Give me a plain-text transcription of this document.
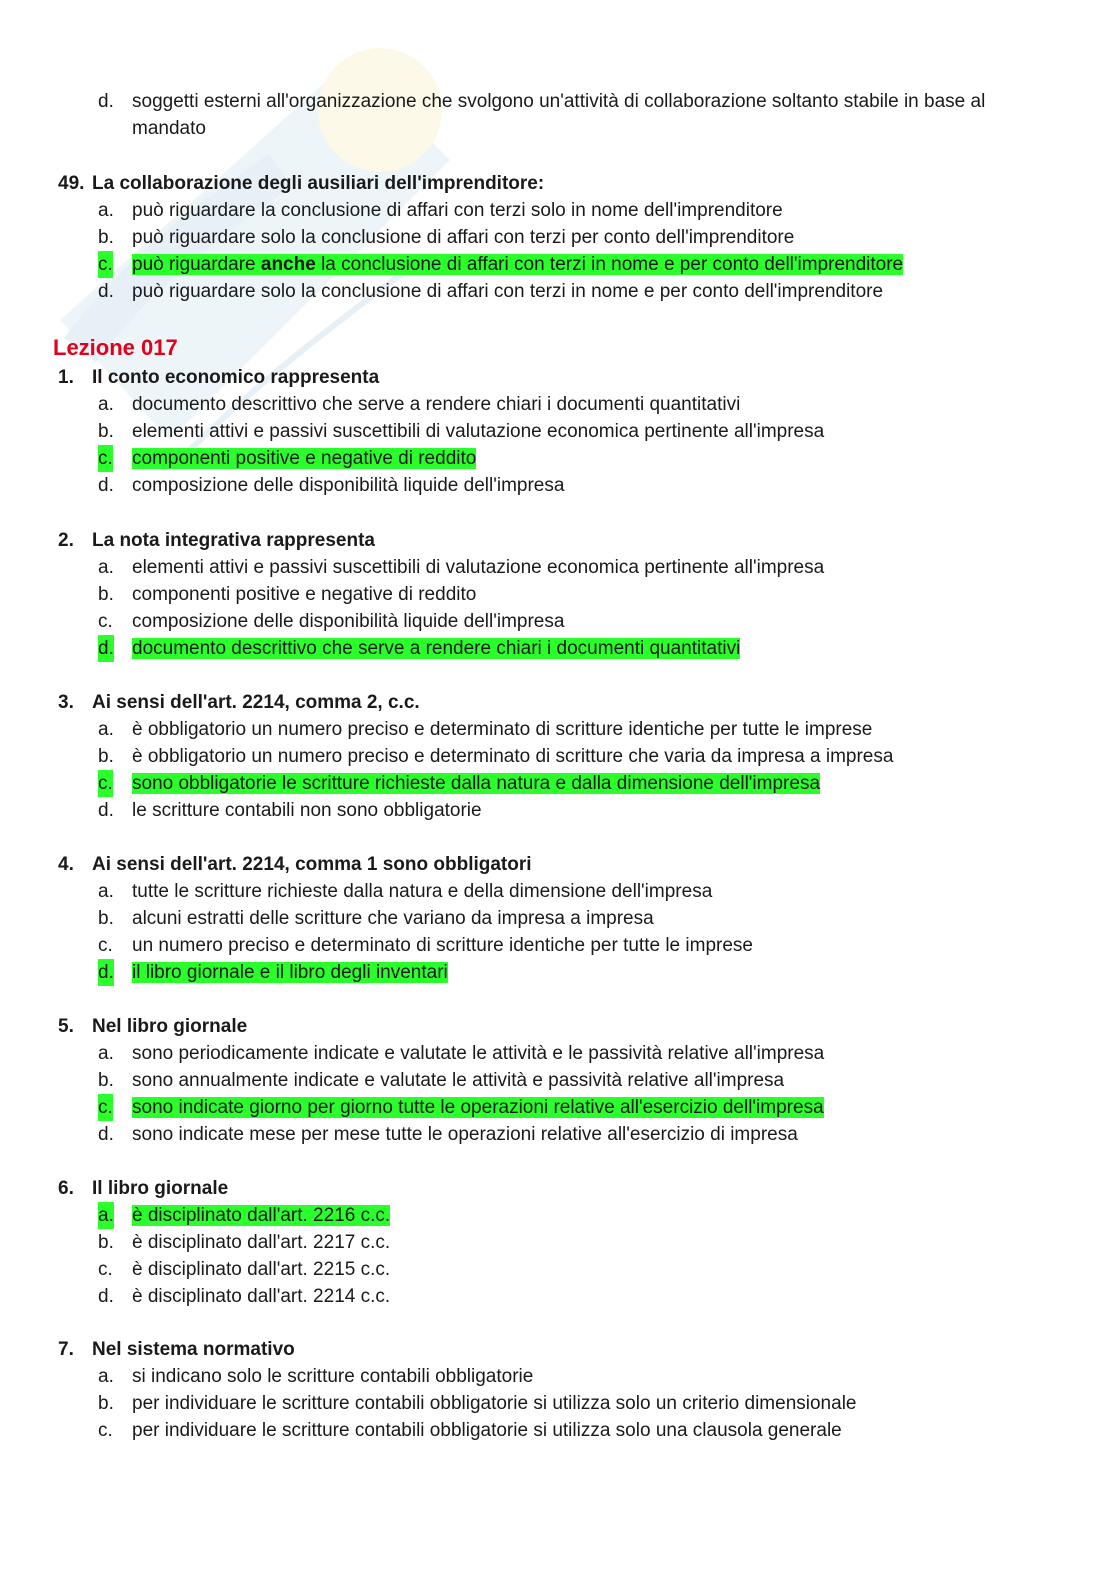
d. soggetti esterni all'organizzazione che svolgono un'attività di collaborazione soltanto stabile in base al mandato
49. La collaborazione degli ausiliari dell'imprenditore:
a. può riguardare la conclusione di affari con terzi solo in nome dell'imprenditore
b. può riguardare solo la conclusione di affari con terzi per conto dell'imprenditore
c. può riguardare anche la conclusione di affari con terzi in nome e per conto dell'imprenditore
d. può riguardare solo la conclusione di affari con terzi in nome e per conto dell'imprenditore
Lezione 017
1. Il conto economico rappresenta
a. documento descrittivo che serve a rendere chiari i documenti quantitativi
b. elementi attivi e passivi suscettibili di valutazione economica pertinente all'impresa
c. componenti positive e negative di reddito
d. composizione delle disponibilità liquide dell'impresa
2. La nota integrativa rappresenta
a. elementi attivi e passivi suscettibili di valutazione economica pertinente all'impresa
b. componenti positive e negative di reddito
c. composizione delle disponibilità liquide dell'impresa
d. documento descrittivo che serve a rendere chiari i documenti quantitativi
3. Ai sensi dell'art. 2214, comma 2, c.c.
a. è obbligatorio un numero preciso e determinato di scritture identiche per tutte le imprese
b. è obbligatorio un numero preciso e determinato di scritture che varia da impresa a impresa
c. sono obbligatorie le scritture richieste dalla natura e dalla dimensione dell'impresa
d. le scritture contabili non sono obbligatorie
4. Ai sensi dell'art. 2214, comma 1 sono obbligatori
a. tutte le scritture richieste dalla natura e della dimensione dell'impresa
b. alcuni estratti delle scritture che variano da impresa a impresa
c. un numero preciso e determinato di scritture identiche per tutte le imprese
d. il libro giornale e il libro degli inventari
5. Nel libro giornale
a. sono periodicamente indicate e valutate le attività e le passività relative all'impresa
b. sono annualmente indicate e valutate le attività e passività relative all'impresa
c. sono indicate giorno per giorno tutte le operazioni relative all'esercizio dell'impresa
d. sono indicate mese per mese tutte le operazioni relative all'esercizio di impresa
6. Il libro giornale
a. è disciplinato dall'art. 2216 c.c.
b. è disciplinato dall'art. 2217 c.c.
c. è disciplinato dall'art. 2215 c.c.
d. è disciplinato dall'art. 2214 c.c.
7. Nel sistema normativo
a. si indicano solo le scritture contabili obbligatorie
b. per individuare le scritture contabili obbligatorie si utilizza solo un criterio dimensionale
c. per individuare le scritture contabili obbligatorie si utilizza solo una clausola generale
